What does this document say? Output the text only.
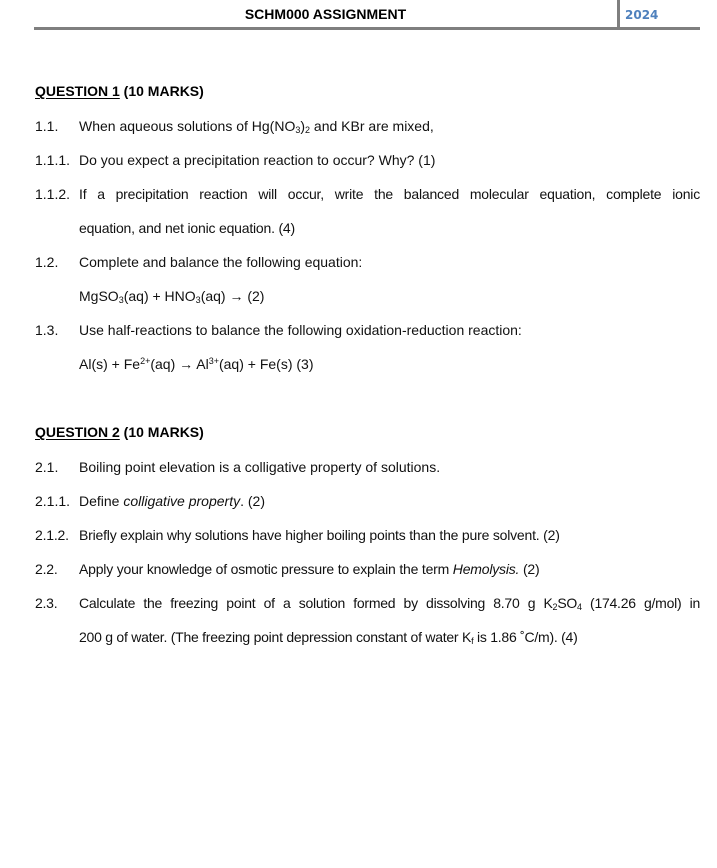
SCHM000 ASSIGNMENT	2024
QUESTION 1 (10 MARKS)
1.1. When aqueous solutions of $Hg(NO_3)_2$ and KBr are mixed,
1.1.1. Do you expect a precipitation reaction to occur? Why? (1)
1.1.2. If a precipitation reaction will occur, write the balanced molecular equation, complete ionic
equation, and net ionic equation. (4)
1.2. Complete and balance the following equation:
MgSO$_3$(aq) + $HNO_3(aq) \to (2)$
1.3. Use half-reactions to balance the following oxidation-reduction reaction:
$Al(s) + Fe^{2+}(aq) \to Al^{3+}(aq) + Fe(s)$ (3)
QUESTION 2 (10 MARKS)
2.1. Boiling point elevation is a colligative property of solutions.
2.1.1. Define colligative property. (2)
2.1.2. Briefly explain why solutions have higher boiling points than the pure solvent. (2)
2.2. Apply your knowledge of osmotic pressure to explain the term Hemolysis. (2)
2.3.	Calculate the freezing point of a solution formed by dissolving 8.70 g $K_2SO_4$ (174.26 g/mol) in
200 g of water. (The freezing point depression constant of water $K_f$ is 1.86 ˚C/m). (4)
